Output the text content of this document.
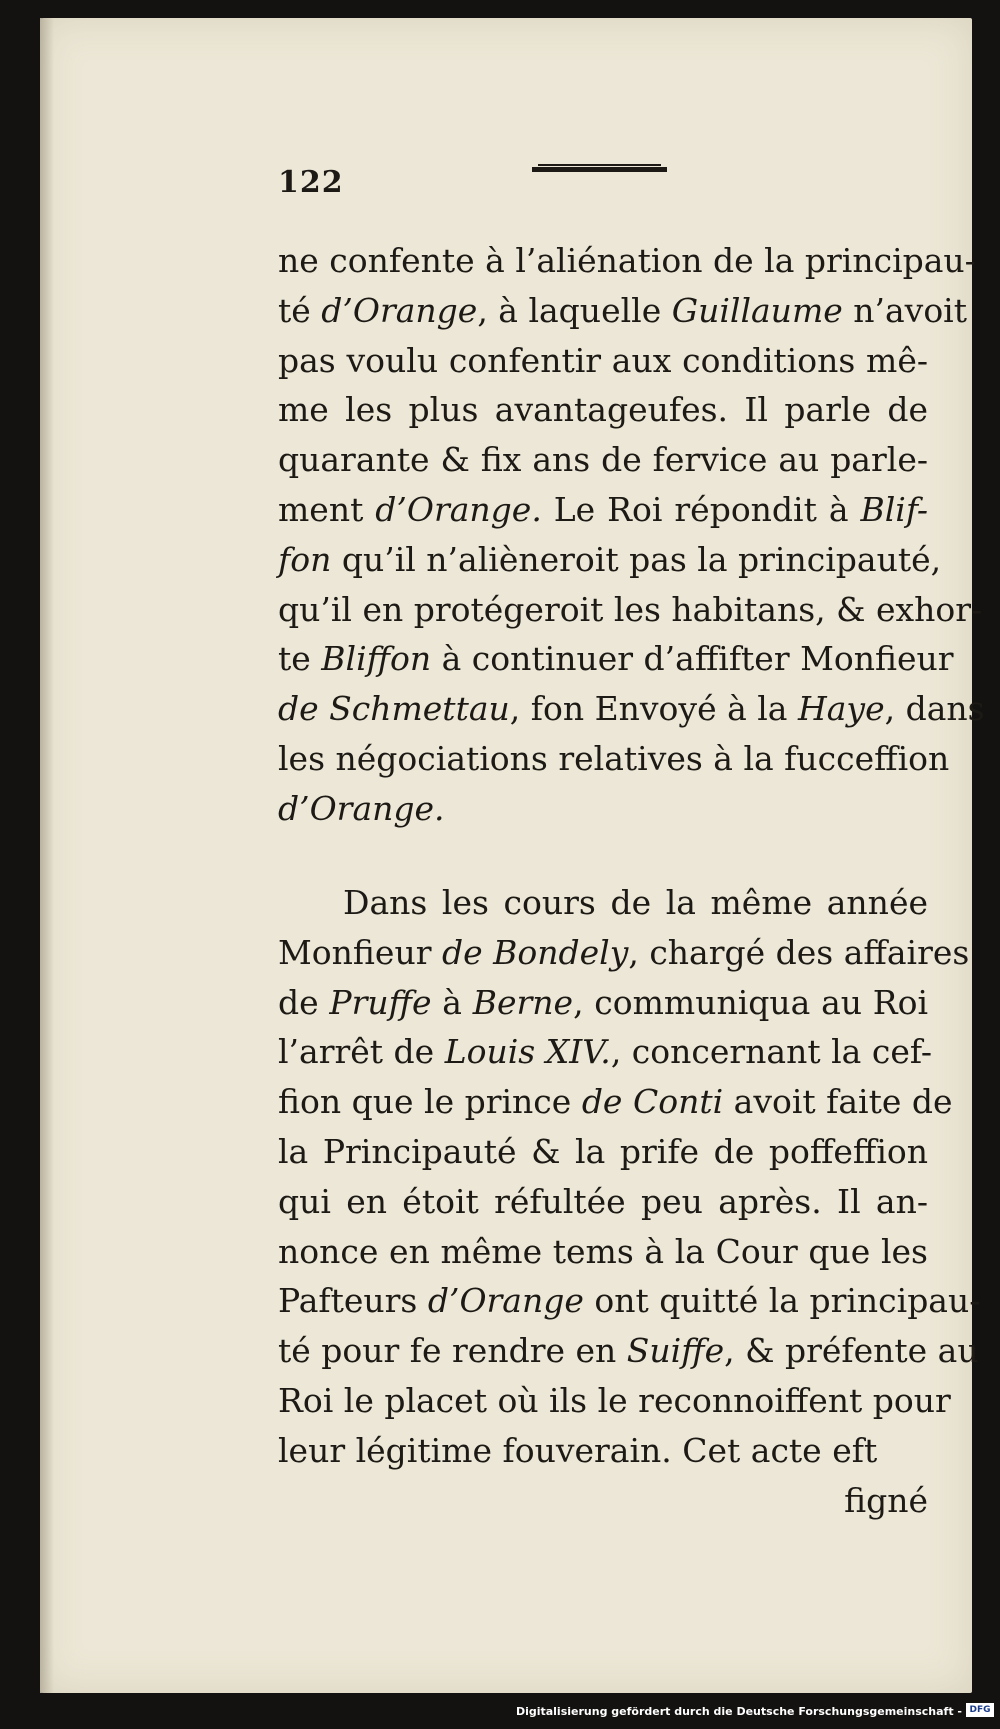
122
ne confente à l’aliénation de la principau-
té d’Orange, à laquelle Guillaume n’avoit
pas voulu confentir aux conditions mê-
me les plus avantageufes. Il parle de
quarante & fix ans de fervice au parle-
ment d’Orange. Le Roi répondit à Blif-
fon qu’il n’alièneroit pas la principauté,
qu’il en protégeroit les habitans, & exhor-
te Bliffon à continuer d’affifter Monfieur
de Schmettau, fon Envoyé à la Haye, dans
les négociations relatives à la fucceffion
d’Orange.
Dans les cours de la même année
Monfieur de Bondely, chargé des affaires
de Pruffe à Berne, communiqua au Roi
l’arrêt de Louis XIV., concernant la cef-
fion que le prince de Conti avoit faite de
la Principauté & la prife de poffeffion
qui en étoit réfultée peu après. Il an-
nonce en même tems à la Cour que les
Pafteurs d’Orange ont quitté la principau-
té pour fe rendre en Suiffe, & préfente au
Roi le placet où ils le reconnoiffent pour
leur légitime fouverain. Cet acte eft
figné
Digitalisierung gefördert durch die Deutsche Forschungsgemeinschaft - DFG
